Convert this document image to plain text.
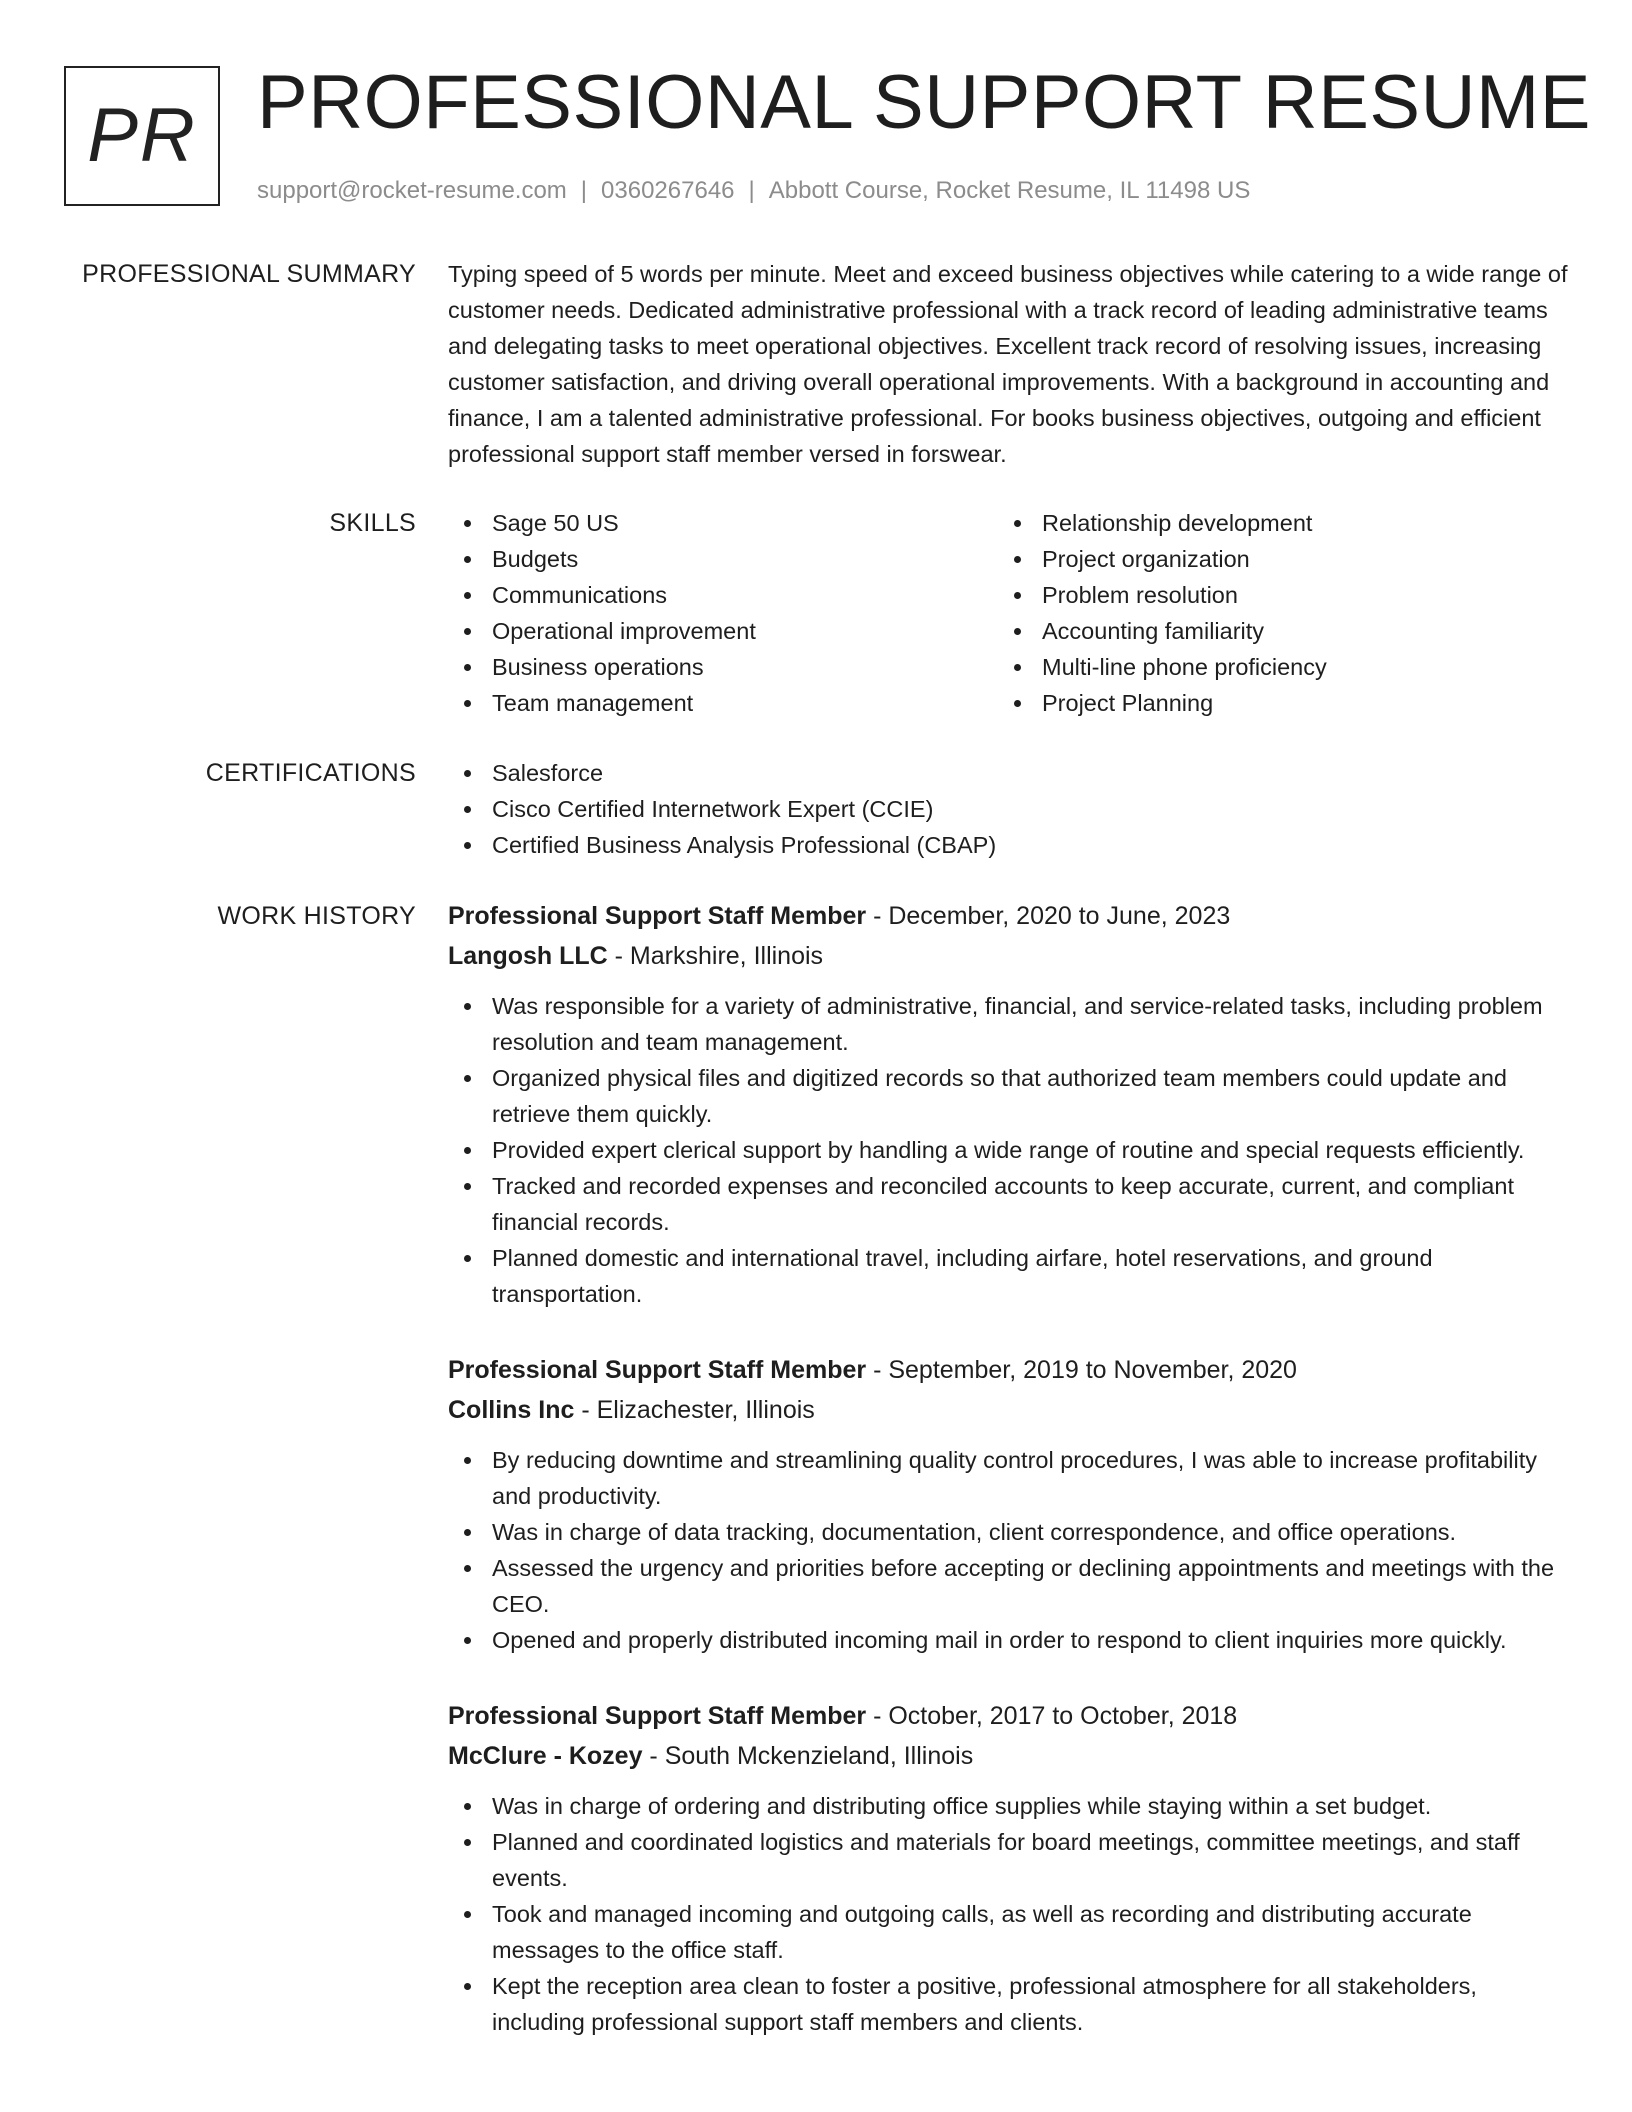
PR PROFESSIONAL SUPPORT RESUME
support@rocket-resume.com | 0360267646 | Abbott Course, Rocket Resume, IL 11498 US
PROFESSIONAL SUMMARY Typing speed of 5 words per minute. Meet and exceed business objectives while catering to a wide range of customer needs. Dedicated administrative professional with a track record of leading administrative teams and delegating tasks to meet operational objectives. Excellent track record of resolving issues, increasing customer satisfaction, and driving overall operational improvements. With a background in accounting and finance, I am a talented administrative professional. For books business objectives, outgoing and efficient professional support staff member versed in forswear.

SKILLS	Sage 50 US
Budgets
Communications
Operational improvement
Business operations
Team management
Relationship development
Project organization
Problem resolution
Accounting familiarity
Multi-line phone proficiency
Project Planning
CERTIFICATIONS	Salesforce
Cisco Certified Internetwork Expert (CCIE)
Certified Business Analysis Professional (CBAP)
WORK HISTORY Professional Support Staff Member - December, 2020 to June, 2023
Langosh LLC - Markshire, Illinois
Was responsible for a variety of administrative, financial, and service-related tasks, including problem resolution and team management.
Organized physical files and digitized records so that authorized team members could update and retrieve them quickly.
Provided expert clerical support by handling a wide range of routine and special requests efficiently.
Tracked and recorded expenses and reconciled accounts to keep accurate, current, and compliant financial records.
Planned domestic and international travel, including airfare, hotel reservations, and ground transportation.
Professional Support Staff Member - September, 2019 to November, 2020
Collins Inc - Elizachester, Illinois
By reducing downtime and streamlining quality control procedures, I was able to increase profitability and productivity.
Was in charge of data tracking, documentation, client correspondence, and office operations.
Assessed the urgency and priorities before accepting or declining appointments and meetings with the CEO.
Opened and properly distributed incoming mail in order to respond to client inquiries more quickly.
Professional Support Staff Member - October, 2017 to October, 2018
McClure - Kozey - South Mckenzieland, Illinois
Was in charge of ordering and distributing office supplies while staying within a set budget.
Planned and coordinated logistics and materials for board meetings, committee meetings, and staff events.
Took and managed incoming and outgoing calls, as well as recording and distributing accurate messages to the office staff.
Kept the reception area clean to foster a positive, professional atmosphere for all stakeholders, including professional support staff members and clients.
